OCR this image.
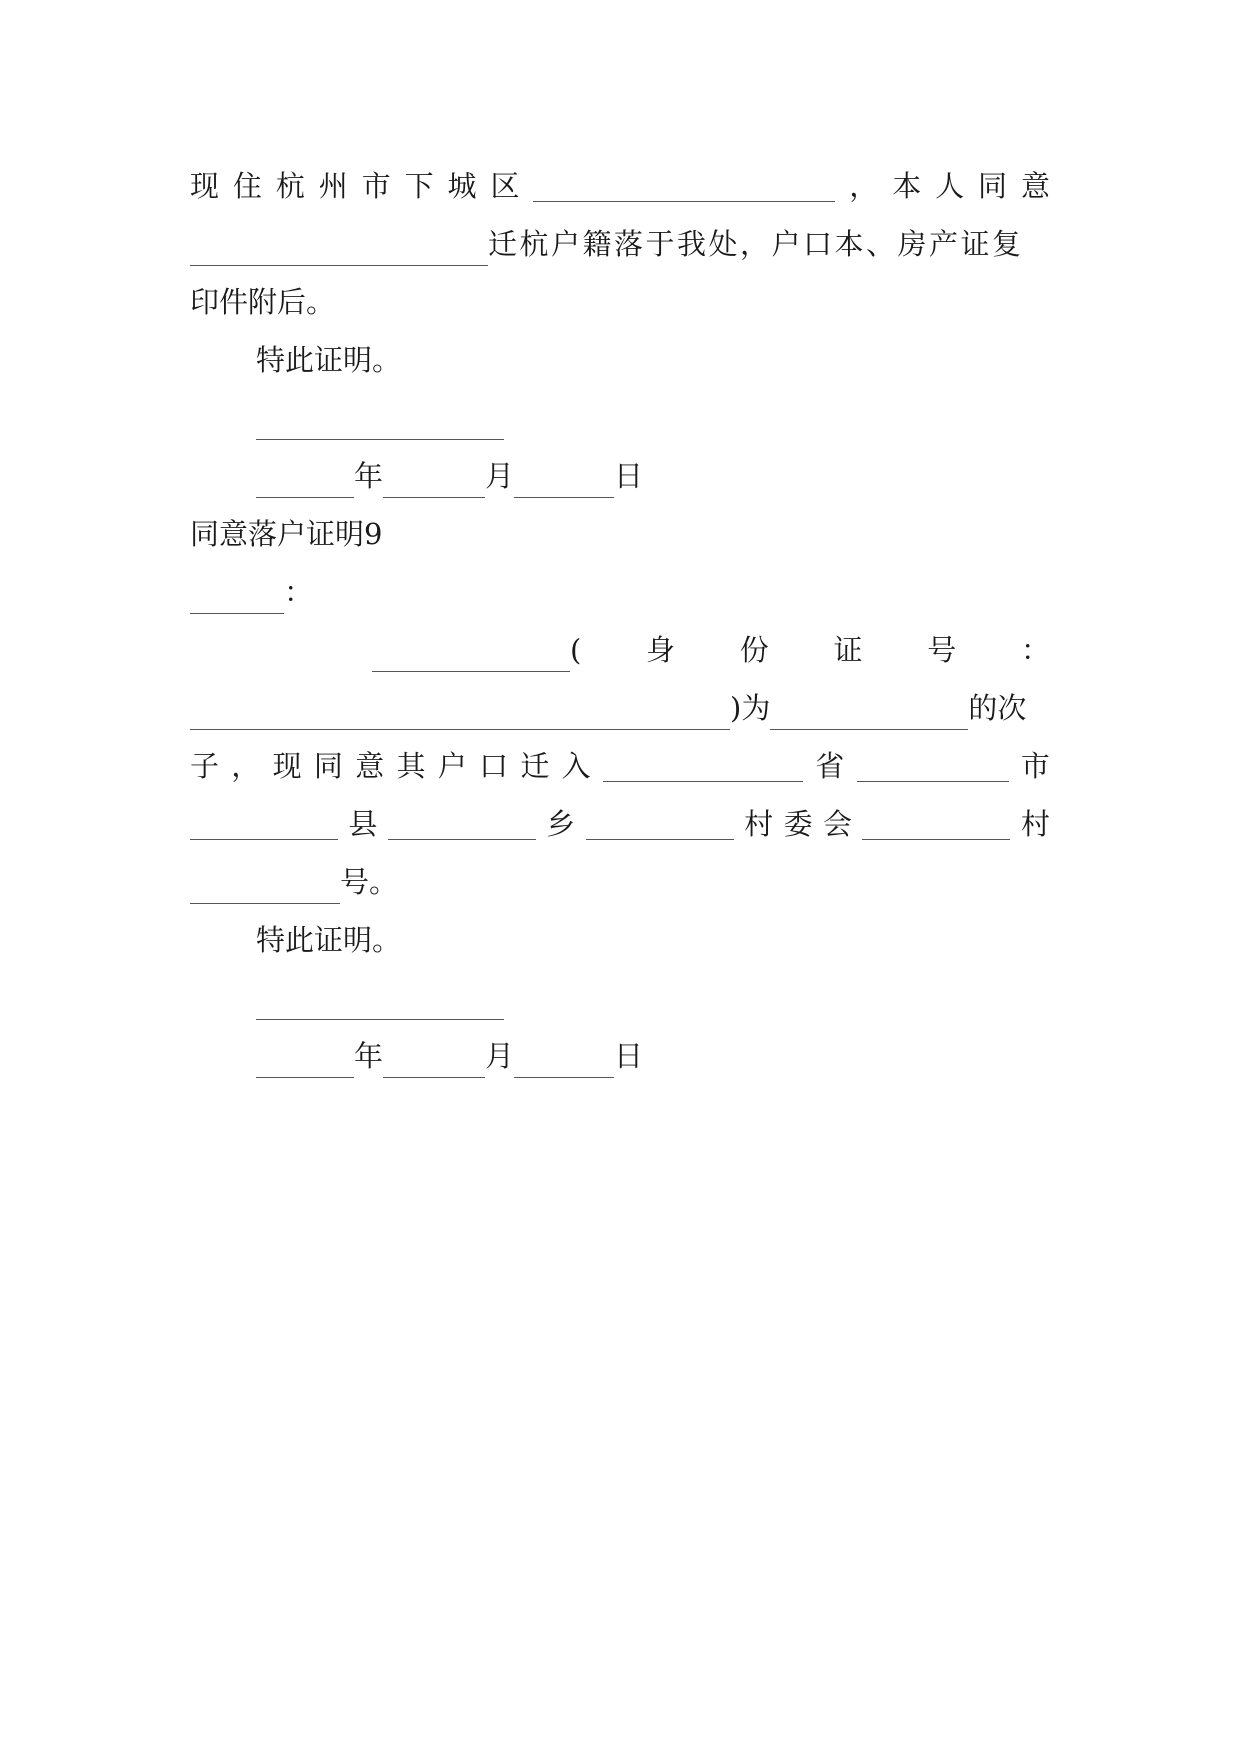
现 住 杭 州 市 下 城 区	， 本 人 同 意
迁杭户籍落于我处，户口本、房产证复
印件附后。
特此证明。
年	月	日
同意落户证明9
：
( 身 份 证 号 ：
)为	的次
子 ， 现 同 意 其 户 口 迁 入	省	市
县	乡	村 委 会	村
号。
特此证明。
年	月	日
